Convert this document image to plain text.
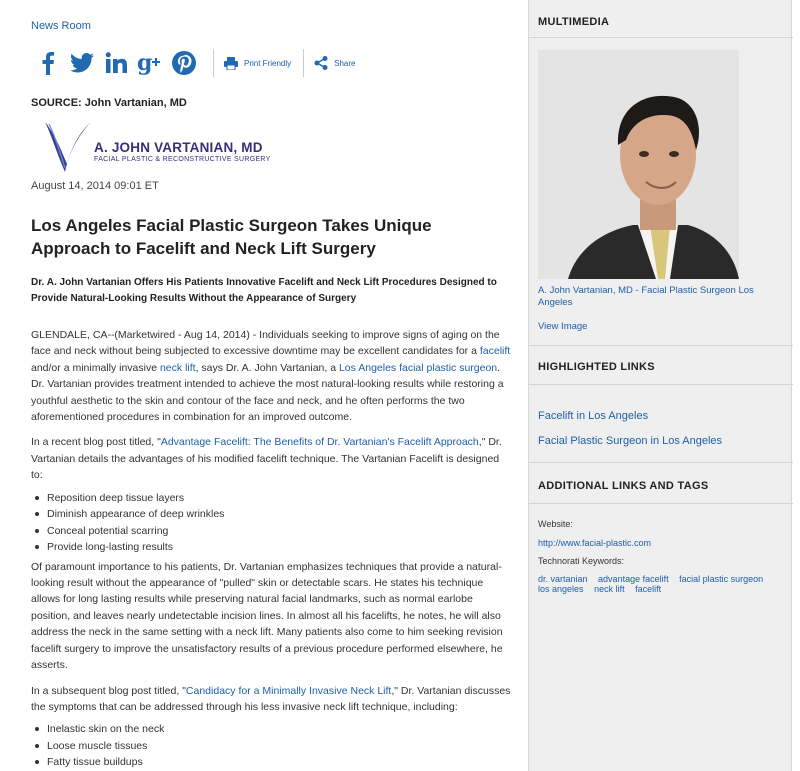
News Room
g	Print Friendly	Share
SOURCE: John Vartanian, MD
A. JOHN VARTANIAN, MD
FACIAL PLASTIC & RECONSTRUCTIVE SURGERY
August 14, 2014 09:01 ET
Los Angeles Facial Plastic Surgeon Takes Unique Approach to Facelift and Neck Lift Surgery
Dr. A. John Vartanian Offers His Patients Innovative Facelift and Neck Lift Procedures Designed to Provide Natural-Looking Results Without the Appearance of Surgery

GLENDALE, CA--(Marketwired - Aug 14, 2014) - Individuals seeking to improve signs of aging on the face and neck without being subjected to excessive downtime may be excellent candidates for a facelift and/or a minimally invasive neck lift, says Dr. A. John Vartanian, a Los Angeles facial plastic surgeon. Dr. Vartanian provides treatment intended to achieve the most natural-looking results while restoring a youthful aesthetic to the skin and contour of the face and neck, and he often performs the two aforementioned procedures in combination for an improved outcome.

In a recent blog post titled, "Advantage Facelift: The Benefits of Dr. Vartanian's Facelift Approach," Dr. Vartanian details the advantages of his modified facelift technique. The Vartanian Facelift is designed to:

Reposition deep tissue layers
Diminish appearance of deep wrinkles
Conceal potential scarring
Provide long-lasting results

Of paramount importance to his patients, Dr. Vartanian emphasizes techniques that provide a natural-looking result without the appearance of "pulled" skin or detectable scars. He states his technique allows for long lasting results while preserving natural facial landmarks, such as normal earlobe position, and leaves nearly undetectable incision lines. In almost all his facelifts, he notes, he will also address the neck in the same setting with a neck lift. Many patients also come to him seeking revision facelift surgery to improve the unsatisfactory results of a previous procedure performed elsewhere, he asserts.

In a subsequent blog post titled, "Candidacy for a Minimally Invasive Neck Lift," Dr. Vartanian discusses the symptoms that can be addressed through his less invasive neck lift technique, including:

Inelastic skin on the neck
Loose muscle tissues
Fatty tissue buildups
MULTIMEDIA
A. John Vartanian, MD - Facial Plastic Surgeon Los Angeles
View Image
HIGHLIGHTED LINKS
Facelift in Los Angeles
Facial Plastic Surgeon in Los Angeles
ADDITIONAL LINKS AND TAGS
Website:
http://www.facial-plastic.com
Technorati Keywords:
dr. vartanian advantage facelift facial plastic surgeon
los angeles neck lift facelift
